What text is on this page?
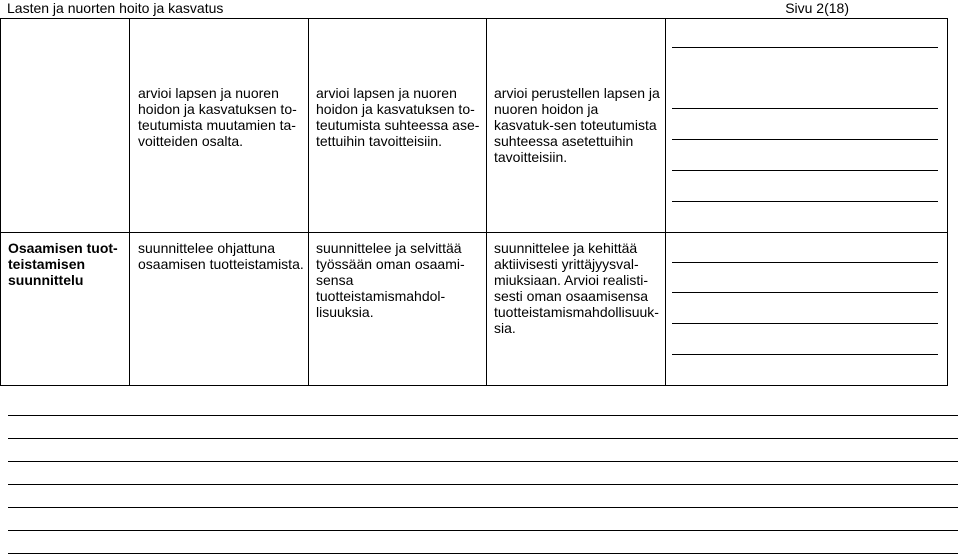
Lasten ja nuorten hoito ja kasvatus	Sivu 2(18)
arvioi lapsen ja nuoren hoidon ja kasvatuksen to-teutumista muutamien ta-voitteiden osalta.
arvioi lapsen ja nuoren hoidon ja kasvatuksen to-teutumista suhteessa ase-tettuihin tavoitteisiin.
arvioi perustellen lapsen ja nuoren hoidon ja kasvatuk-sen toteutumista suhteessa asetettuihin tavoitteisiin.
Osaamisen tuot-teistamisen suunnittelu
suunnittelee ohjattuna osaamisen tuotteistamista.
suunnittelee ja selvittää työssään oman osaami-sensa tuotteistamismahdol-lisuuksia.
suunnittelee ja kehittää aktiivisesti yrittäjyysval-miuksiaan. Arvioi realisti-sesti oman osaamisensa tuotteistamismahdollisuuk-sia.
